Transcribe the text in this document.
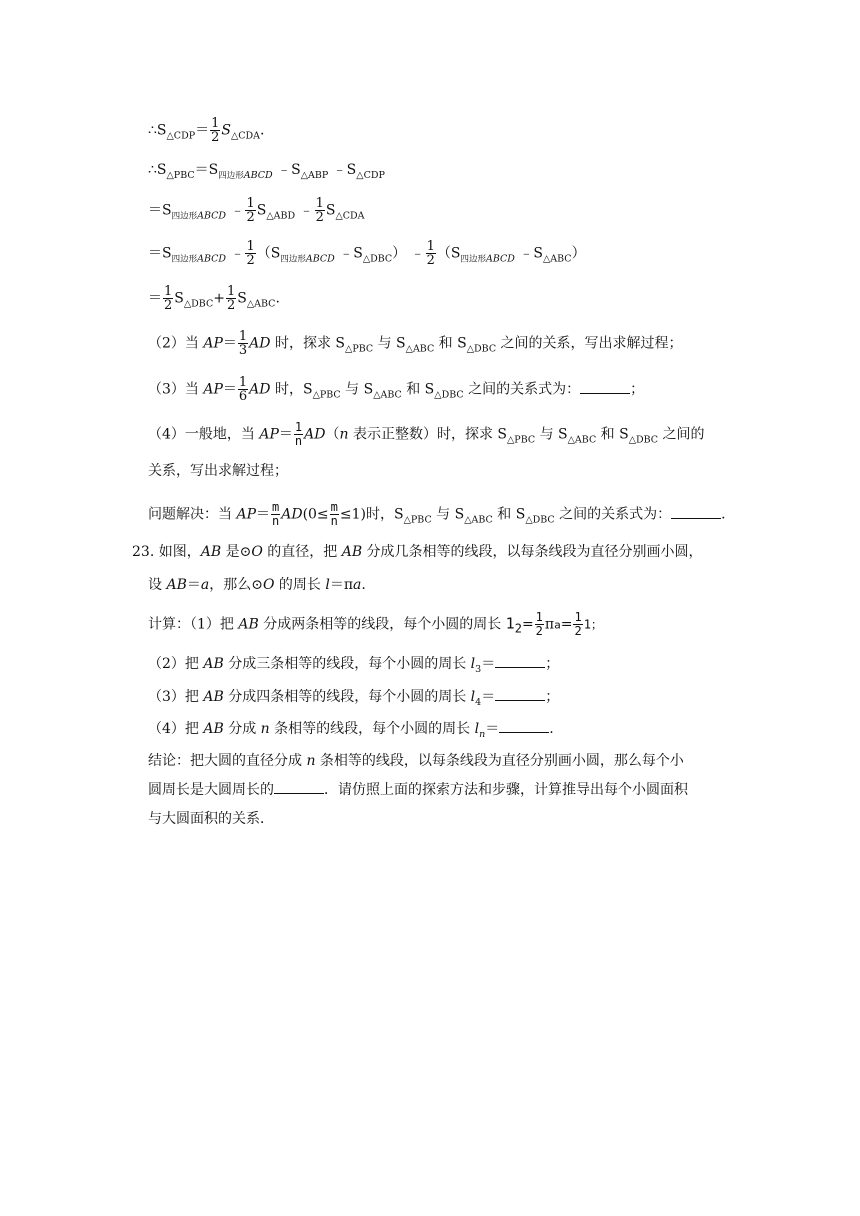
$\therefore S_{\triangle CDP}= \frac{1}{2} S_{\triangle CDA}$.
$\therefore S_{\triangle PBC}=S_{四边形ABCD}$ $﹣S_{\triangle ABP}$ $﹣S_{\triangle CDP}$
$=S_{四边形ABCD}$ ﹣ $\frac{1}{2} S_{\triangle ABD}$ ﹣ $\frac{1}{2} S_{\triangle CDA}$
$=S_{四边形ABCD}$ ﹣ $\frac{1}{2} (S_{四边形ABCD}$ $﹣S_{\triangle DBC}$） ﹣ $\frac{1}{2} (S_{四边形ABCD}$ $﹣S_{\triangle ABC}$）
＝ $\frac{1}{2} S_{\triangle DBC}+ \frac{1}{2} S_{\triangle ABC}$.
（2）当 $AP= \frac{1}{3}$ AD 时，探求 $S_{\triangle PBC}$ 与 $S_{\triangle ABC}$ 和 $S_{\triangle DBC}$ 之间的关系，写出求解过程；
（3）当 $AP= \frac{1}{6}$ AD 时，$S_{\triangle PBC}$ 与 $S_{\triangle ABC}$ 和 $S_{\triangle DBC}$ 之间的关系式为：	；
（4）一般地，当 $AP= \frac{1}{n} AD(n$ 表示正整数）时，探求 $S_{\triangle PBC}$ 与 $S_{\triangle ABC}$ 和 $S_{\triangle DBC}$ 之间的
关系，写出求解过程；
问题解决：当 $AP= \frac{m}{n} AD(0\le \frac{m}{n} \le 1)$时，$S_{\triangle PBC}$ 与 $S_{\triangle ABC}$ 和 $S_{\triangle DBC}$ 之间的关系式为：	.
23. 如图，AB 是⊙O 的直径，把 AB 分成几条相等的线段，以每条线段为直径分别画小圆，
设 AB＝a，那么⊙O 的周长 l＝πa.
计算：（1）把 AB 分成两条相等的线段，每个小圆的周长 $12= \frac{1}{2} \pi a= \frac{1}{2} 1$；
（2）把 AB 分成三条相等的线段，每个小圆的周长 $l_3=$	；
（3）把 AB 分成四条相等的线段，每个小圆的周长 $l_4=$	；
（4）把 AB 分成 n 条相等的线段，每个小圆的周长 $l_n=$	.
结论：把大圆的直径分成 n 条相等的线段，以每条线段为直径分别画小圆，那么每个小
圆周长是大圆周长的	．请仿照上面的探索方法和步骤，计算推导出每个小圆面积
与大圆面积的关系．
